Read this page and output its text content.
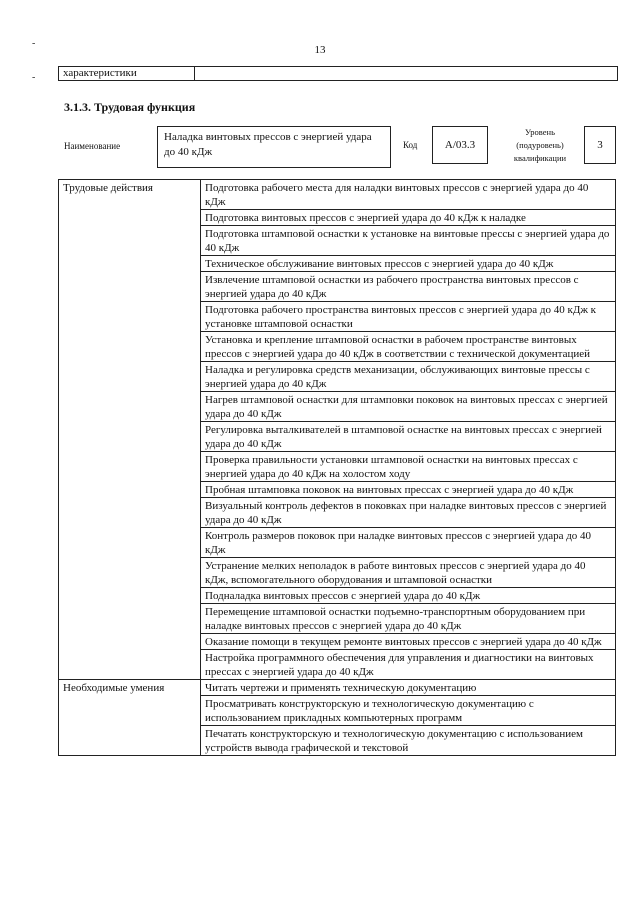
13
-
-	характеристики
3.1.3. Трудовая функция
Наименование
Наладка винтовых прессов с энергией удара до 40 кДж
Код	A/03.3
Уровень
(подуровень)
квалификации
3
Трудовые действия	Подготовка рабочего места для наладки винтовых прессов с энергией удара до 40 кДж
	Подготовка винтовых прессов с энергией удара до 40 кДж к наладке
	Подготовка штамповой оснастки к установке на винтовые прессы с энергией удара до 40 кДж
	Техническое обслуживание винтовых прессов с энергией удара до 40 кДж
	Извлечение штамповой оснастки из рабочего пространства винтовых прессов с энергией удара до 40 кДж
	Подготовка рабочего пространства винтовых прессов с энергией удара до 40 кДж к установке штамповой оснастки
	Установка и крепление штамповой оснастки в рабочем пространстве винтовых прессов с энергией удара до 40 кДж в соответствии с технической документацией
	Наладка и регулировка средств механизации, обслуживающих винтовые прессы с энергией удара до 40 кДж
	Нагрев штамповой оснастки для штамповки поковок на винтовых прессах с энергией удара до 40 кДж
	Регулировка выталкивателей в штамповой оснастке на винтовых прессах с энергией удара до 40 кДж
	Проверка правильности установки штамповой оснастки на винтовых прессах с энергией удара до 40 кДж на холостом ходу
	Пробная штамповка поковок на винтовых прессах с энергией удара до 40 кДж
	Визуальный контроль дефектов в поковках при наладке винтовых прессов с энергией удара до 40 кДж
	Контроль размеров поковок при наладке винтовых прессов с энергией удара до 40 кДж
	Устранение мелких неполадок в работе винтовых прессов с энергией удара до 40 кДж, вспомогательного оборудования и штамповой оснастки
	Подналадка винтовых прессов с энергией удара до 40 кДж
	Перемещение штамповой оснастки подъемно-транспортным оборудованием при наладке винтовых прессов с энергией удара до 40 кДж
	Оказание помощи в текущем ремонте винтовых прессов с энергией удара до 40 кДж
	Настройка программного обеспечения для управления и диагностики на винтовых прессах с энергией удара до 40 кДж
Необходимые умения	Читать чертежи и применять техническую документацию
	Просматривать конструкторскую и технологическую документацию с использованием прикладных компьютерных программ
	Печатать конструкторскую и технологическую документацию с использованием устройств вывода графической и текстовой
